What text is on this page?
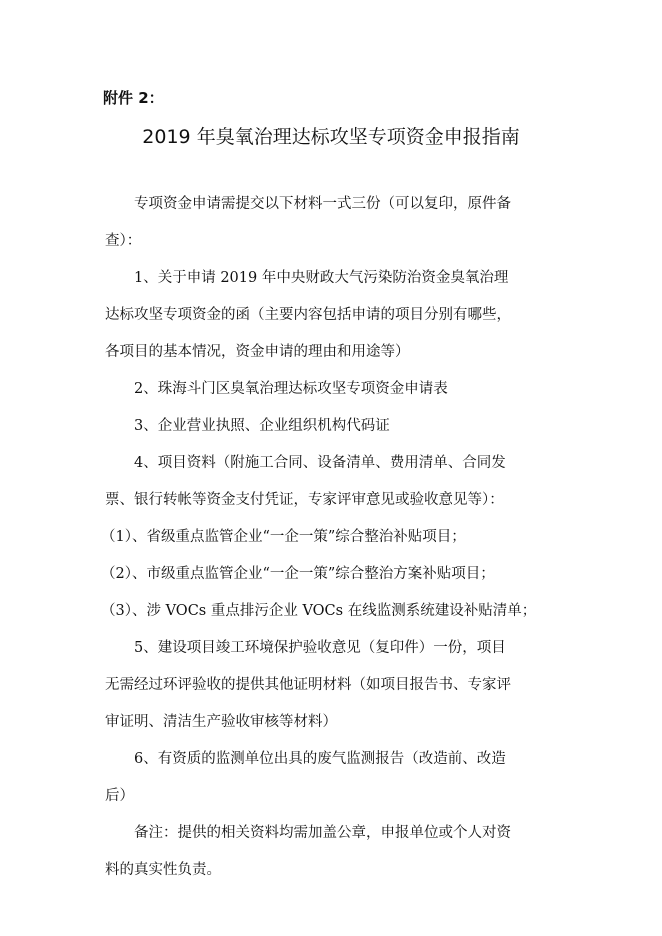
附件 2：
2019 年臭氧治理达标攻坚专项资金申报指南
专项资金申请需提交以下材料一式三份（可以复印，原件备
查）：
1、关于申请 2019 年中央财政大气污染防治资金臭氧治理
达标攻坚专项资金的函（主要内容包括申请的项目分别有哪些，
各项目的基本情况，资金申请的理由和用途等）
2、珠海斗门区臭氧治理达标攻坚专项资金申请表
3、企业营业执照、企业组织机构代码证
4、项目资料（附施工合同、设备清单、费用清单、合同发
票、银行转帐等资金支付凭证，专家评审意见或验收意见等）：
（1）、省级重点监管企业“一企一策”综合整治补贴项目；
（2）、市级重点监管企业“一企一策”综合整治方案补贴项目；
（3）、涉 VOCs 重点排污企业 VOCs 在线监测系统建设补贴清单；
5、建设项目竣工环境保护验收意见（复印件）一份，项目
无需经过环评验收的提供其他证明材料（如项目报告书、专家评
审证明、清洁生产验收审核等材料）
6、有资质的监测单位出具的废气监测报告（改造前、改造
后）
备注：提供的相关资料均需加盖公章，申报单位或个人对资
料的真实性负责。
